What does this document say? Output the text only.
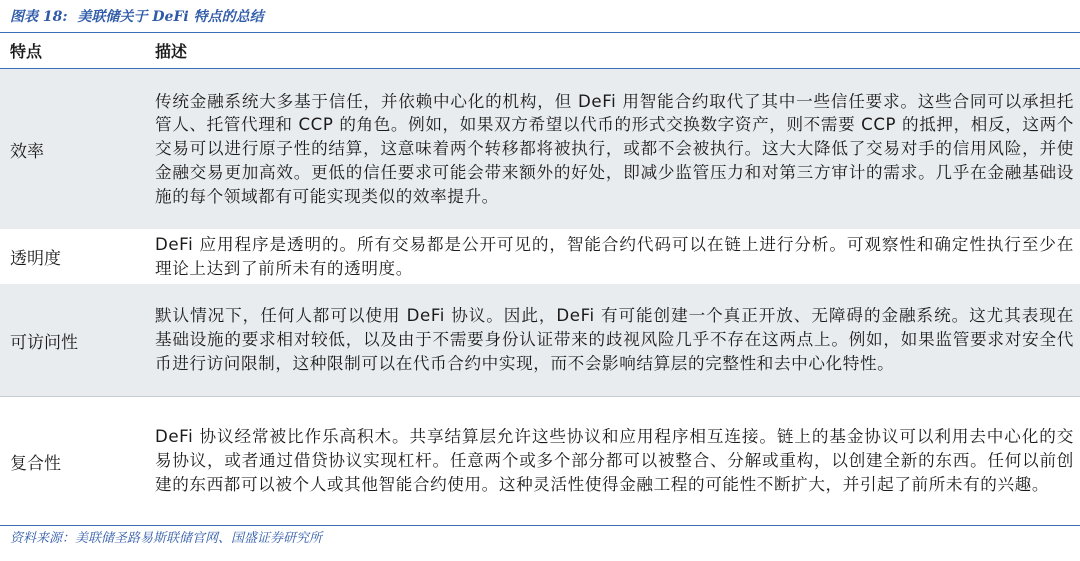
图表 18: 美联储关于 DeFi 特点的总结
特点	描述
效率
传统金融系统大多基于信任，并依赖中心化的机构，但 DeFi 用智能合约取代了其中一些信任要求。这些合同可以承担托管人、托管代理和 CCP 的角色。例如，如果双方希望以代币的形式交换数字资产，则不需要 CCP 的抵押，相反，这两个交易可以进行原子性的结算，这意味着两个转移都将被执行，或都不会被执行。这大大降低了交易对手的信用风险，并使金融交易更加高效。更低的信任要求可能会带来额外的好处，即减少监管压力和对第三方审计的需求。几乎在金融基础设施的每个领域都有可能实现类似的效率提升。
透明度
DeFi 应用程序是透明的。所有交易都是公开可见的，智能合约代码可以在链上进行分析。可观察性和确定性执行至少在理论上达到了前所未有的透明度。
可访问性
默认情况下，任何人都可以使用 DeFi 协议。因此，DeFi 有可能创建一个真正开放、无障碍的金融系统。这尤其表现在基础设施的要求相对较低，以及由于不需要身份认证带来的歧视风险几乎不存在这两点上。例如，如果监管要求对安全代币进行访问限制，这种限制可以在代币合约中实现，而不会影响结算层的完整性和去中心化特性。
复合性
DeFi 协议经常被比作乐高积木。共享结算层允许这些协议和应用程序相互连接。链上的基金协议可以利用去中心化的交易协议，或者通过借贷协议实现杠杆。任意两个或多个部分都可以被整合、分解或重构，以创建全新的东西。任何以前创建的东西都可以被个人或其他智能合约使用。这种灵活性使得金融工程的可能性不断扩大，并引起了前所未有的兴趣。
资料来源：美联储圣路易斯联储官网、国盛证券研究所
